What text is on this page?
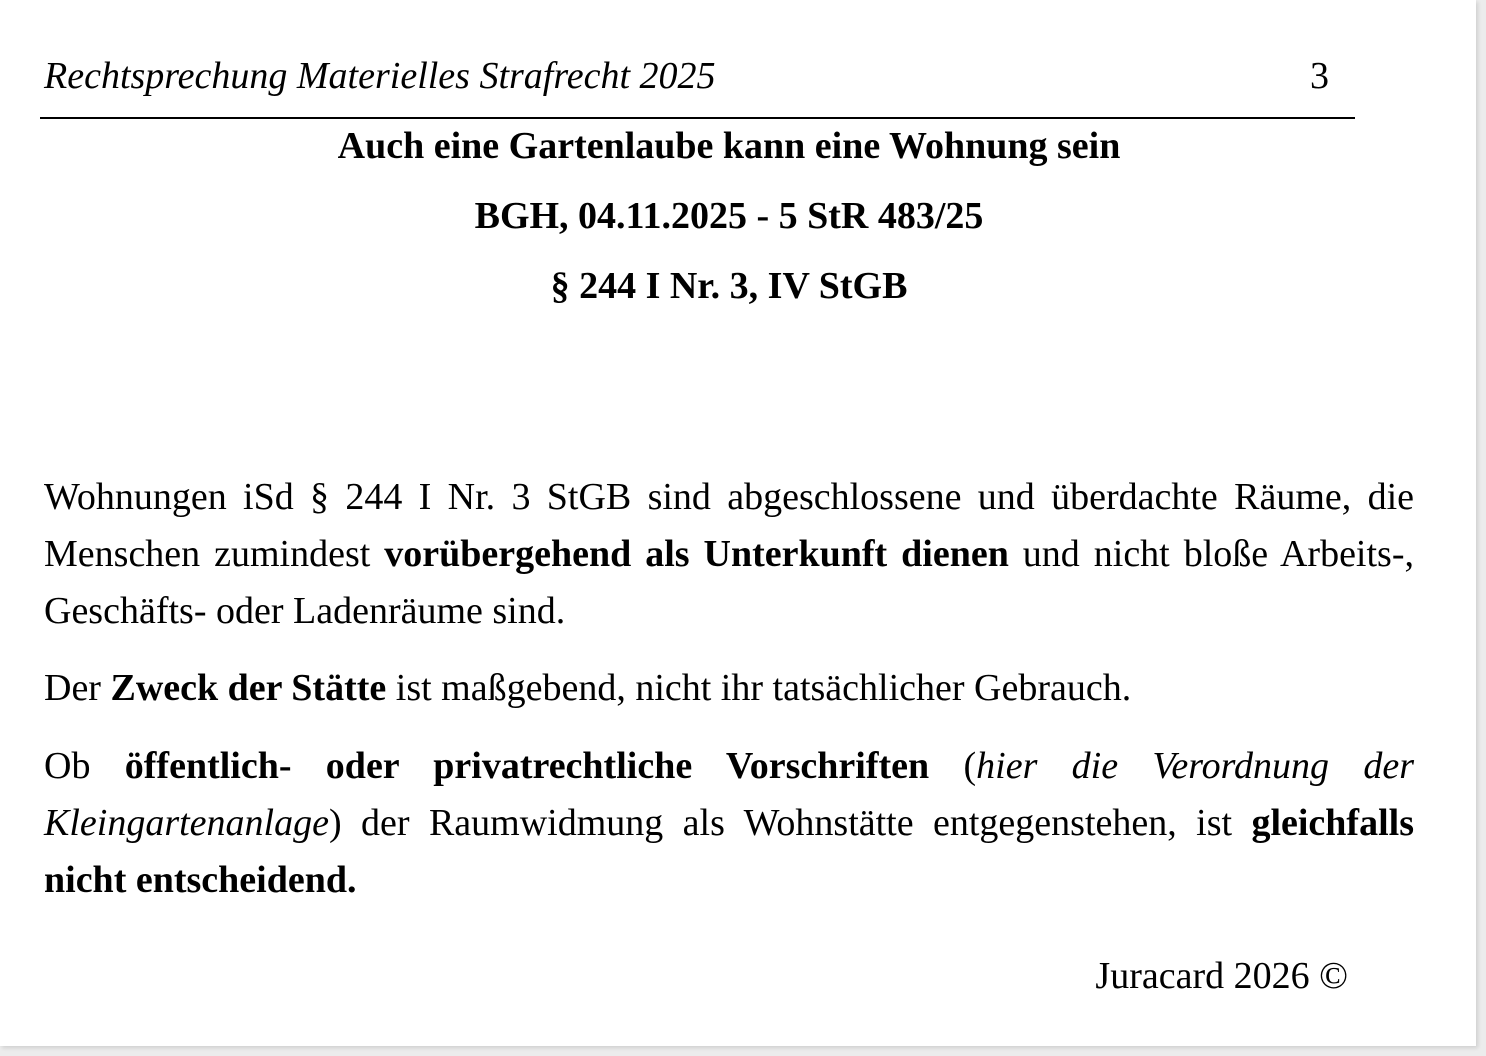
Rechtsprechung Materielles Strafrecht 2025	3
Auch eine Gartenlaube kann eine Wohnung sein
BGH, 04.11.2025 - 5 StR 483/25
§ 244 I Nr. 3, IV StGB

Wohnungen iSd § 244 I Nr. 3 StGB sind abgeschlossene und überdachte Räume, die Menschen zumindest vorübergehend als Unterkunft dienen und nicht bloße Arbeits-, Geschäfts- oder Ladenräume sind.

Der Zweck der Stätte ist maßgebend, nicht ihr tatsächlicher Gebrauch.

Ob öffentlich- oder privatrechtliche Vorschriften (hier die Verordnung der Kleingartenanlage) der Raumwidmung als Wohnstätte entgegenstehen, ist gleichfalls nicht entscheidend.

Juracard 2026 ©
